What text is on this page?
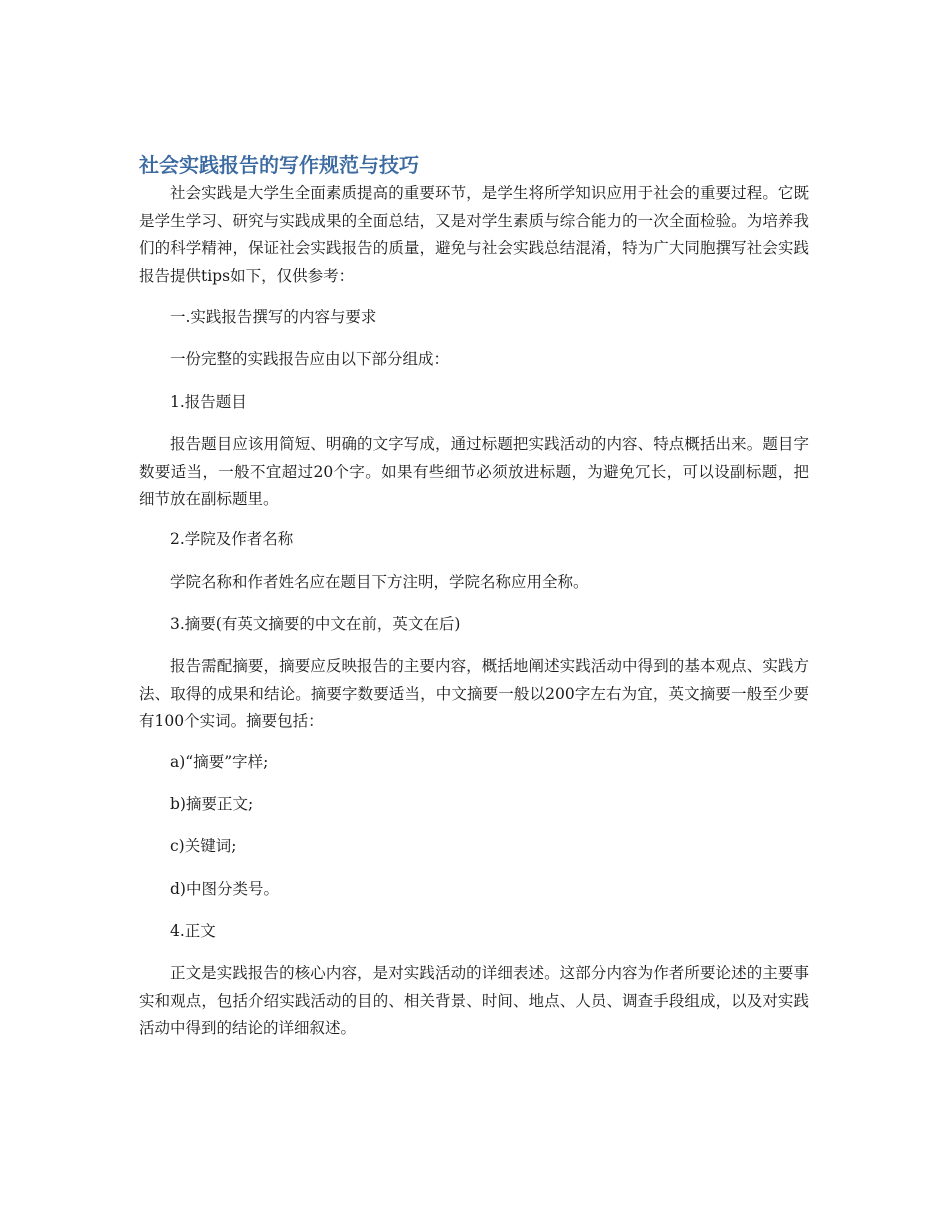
社会实践报告的写作规范与技巧

社会实践是大学生全面素质提高的重要环节，是学生将所学知识应用于社会的重要过程。它既是学生学习、研究与实践成果的全面总结，又是对学生素质与综合能力的一次全面检验。为培养我们的科学精神，保证社会实践报告的质量，避免与社会实践总结混淆，特为广大同胞撰写社会实践报告提供tips如下，仅供参考：

一.实践报告撰写的内容与要求

一份完整的实践报告应由以下部分组成：

1.报告题目

报告题目应该用简短、明确的文字写成，通过标题把实践活动的内容、特点概括出来。题目字数要适当，一般不宜超过20个字。如果有些细节必须放进标题，为避免冗长，可以设副标题，把细节放在副标题里。

2.学院及作者名称

学院名称和作者姓名应在题目下方注明，学院名称应用全称。

3.摘要(有英文摘要的中文在前，英文在后)

报告需配摘要，摘要应反映报告的主要内容，概括地阐述实践活动中得到的基本观点、实践方法、取得的成果和结论。摘要字数要适当，中文摘要一般以200字左右为宜，英文摘要一般至少要有100个实词。摘要包括：

a)“摘要”字样;

b)摘要正文;

c)关键词;

d)中图分类号。

4.正文

正文是实践报告的核心内容，是对实践活动的详细表述。这部分内容为作者所要论述的主要事实和观点，包括介绍实践活动的目的、相关背景、时间、地点、人员、调查手段组成，以及对实践活动中得到的结论的详细叙述。
